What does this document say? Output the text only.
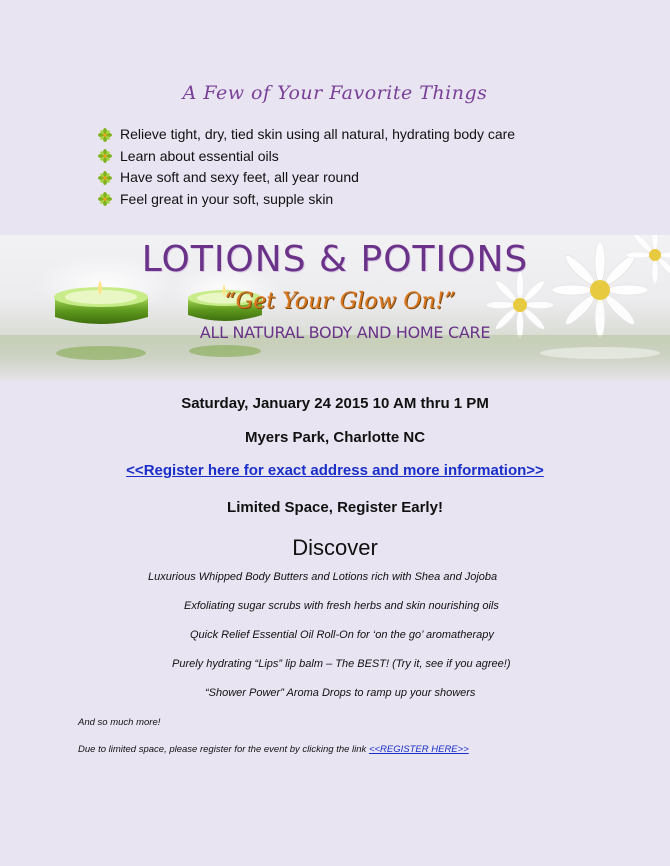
A Few of Your Favorite Things
Relieve tight, dry, tied skin using all natural, hydrating body care
Learn about essential oils
Have soft and sexy feet, all year round
Feel great in your soft, supple skin
LOTIONS & POTIONS
“Get Your Glow On!”
ALL NATURAL BODY AND HOME CARE
Saturday, January 24 2015 10 AM thru 1 PM
Myers Park, Charlotte NC
<<Register here for exact address and more information>>
Limited Space, Register Early!
Discover
Luxurious Whipped Body Butters and Lotions rich with Shea and Jojoba
Exfoliating sugar scrubs with fresh herbs and skin nourishing oils
Quick Relief Essential Oil Roll-On for ‘on the go’ aromatherapy
Purely hydrating “Lips” lip balm – The BEST! (Try it, see if you agree!)
“Shower Power” Aroma Drops to ramp up your showers
And so much more!
Due to limited space, please register for the event by clicking the link <<REGISTER HERE>>
